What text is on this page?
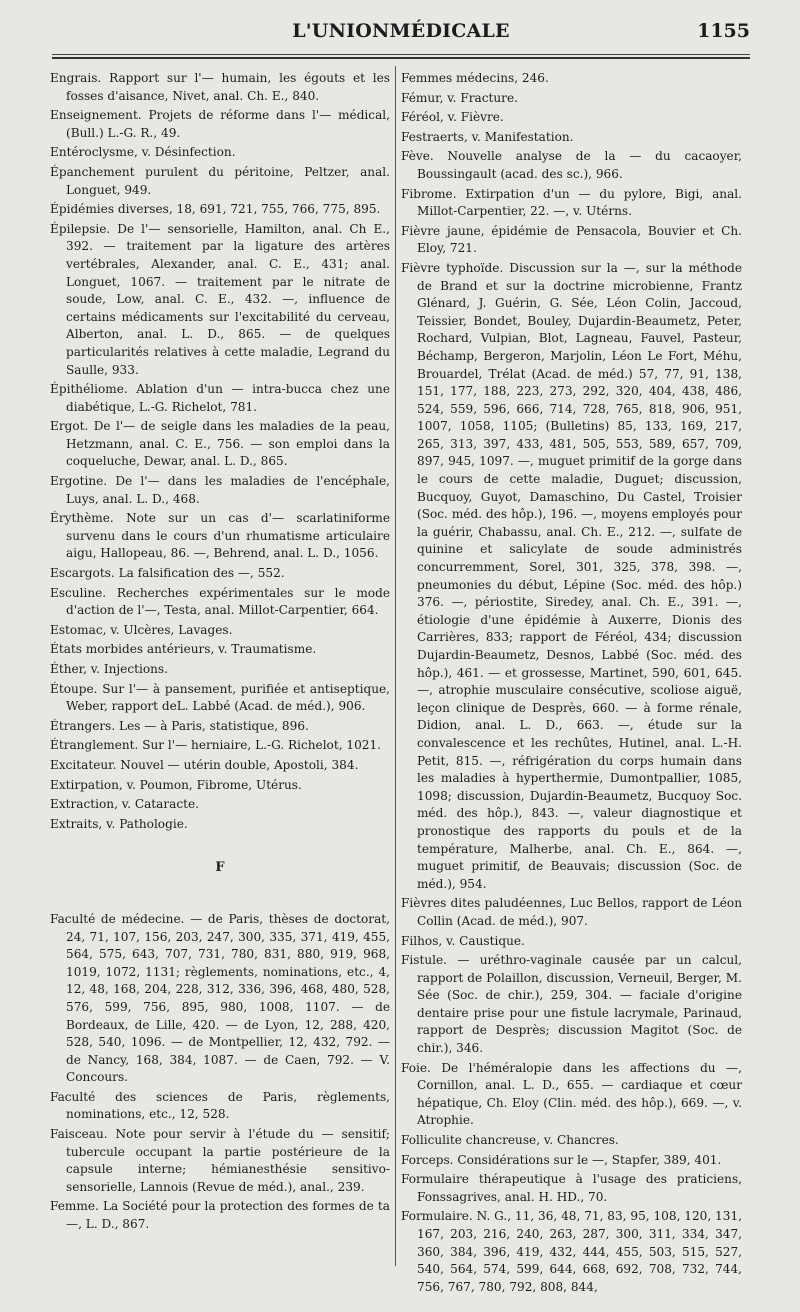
L'UNIONMÉDICALE	1155

Engrais. Rapport sur l'— humain, les égouts et les fosses d'aisance, Nivet, anal. Ch. E., 840.

Enseignement. Projets de réforme dans l'— médical, (Bull.) L.-G. R., 49.

Entéroclysme, v. Désinfection.

Épanchement purulent du péritoine, Peltzer, anal. Longuet, 949.

Épidémies diverses, 18, 691, 721, 755, 766, 775, 895.

Épilepsie. De l'— sensorielle, Hamilton, anal. Ch E., 392. — traitement par la ligature des artères vertébrales, Alexander, anal. C. E., 431; anal. Longuet, 1067. — traitement par le nitrate de soude, Low, anal. C. E., 432. —, influence de certains médicaments sur l'excitabilité du cerveau, Alberton, anal. L. D., 865. — de quelques particularités relatives à cette maladie, Legrand du Saulle, 933.

Épithéliome. Ablation d'un — intra-bucca chez une diabétique, L.-G. Richelot, 781.

Ergot. De l'— de seigle dans les maladies de la peau, Hetzmann, anal. C. E., 756. — son emploi dans la coqueluche, Dewar, anal. L. D., 865.

Ergotine. De l'— dans les maladies de l'encéphale, Luys, anal. L. D., 468.

Érythème. Note sur un cas d'— scarlatiniforme survenu dans le cours d'un rhumatisme articulaire aigu, Hallopeau, 86. —, Behrend, anal. L. D., 1056.

Escargots. La falsification des —, 552.

Esculine. Recherches expérimentales sur le mode d'action de l'—, Testa, anal. Millot-Carpentier, 664.

Estomac, v. Ulcères, Lavages.

États morbides antérieurs, v. Traumatisme.

Éther, v. Injections.

Étoupe. Sur l'— à pansement, purifiée et antiseptique, Weber, rapport deL. Labbé (Acad. de méd.), 906.

Étrangers. Les — à Paris, statistique, 896.

Étranglement. Sur l'— herniaire, L.-G. Richelot, 1021.

Excitateur. Nouvel — utérin double, Apostoli, 384.

Extirpation, v. Poumon, Fibrome, Utérus.

Extraction, v. Cataracte.

Extraits, v. Pathologie.

F

Faculté de médecine. — de Paris, thèses de doctorat, 24, 71, 107, 156, 203, 247, 300, 335, 371, 419, 455, 564, 575, 643, 707, 731, 780, 831, 880, 919, 968, 1019, 1072, 1131; règlements, nominations, etc., 4, 12, 48, 168, 204, 228, 312, 336, 396, 468, 480, 528, 576, 599, 756, 895, 980, 1008, 1107. — de Bordeaux, de Lille, 420. — de Lyon, 12, 288, 420, 528, 540, 1096. — de Montpellier, 12, 432, 792. — de Nancy, 168, 384, 1087. — de Caen, 792. — V. Concours.

Faculté des sciences de Paris, règlements, nominations, etc., 12, 528.

Faisceau. Note pour servir à l'étude du — sensitif; tubercule occupant la partie postérieure de la capsule interne; hémianesthésie sensitivo-sensorielle, Lannois (Revue de méd.), anal., 239.

Femme. La Société pour la protection des formes de ta —, L. D., 867.

Femmes médecins, 246.

Fémur, v. Fracture.

Féréol, v. Fièvre.

Festraerts, v. Manifestation.

Fève. Nouvelle analyse de la — du cacaoyer, Boussingault (acad. des sc.), 966.

Fibrome. Extirpation d'un — du pylore, Bigi, anal. Millot-Carpentier, 22. —, v. Utérns.

Fièvre jaune, épidémie de Pensacola, Bouvier et Ch. Eloy, 721.

Fièvre typhoïde. Discussion sur la —, sur la méthode de Brand et sur la doctrine microbienne, Frantz Glénard, J. Guérin, G. Sée, Léon Colin, Jaccoud, Teissier, Bondet, Bouley, Dujardin-Beaumetz, Peter, Rochard, Vulpian, Blot, Lagneau, Fauvel, Pasteur, Béchamp, Bergeron, Marjolin, Léon Le Fort, Méhu, Brouardel, Trélat (Acad. de méd.) 57, 77, 91, 138, 151, 177, 188, 223, 273, 292, 320, 404, 438, 486, 524, 559, 596, 666, 714, 728, 765, 818, 906, 951, 1007, 1058, 1105; (Bulletins) 85, 133, 169, 217, 265, 313, 397, 433, 481, 505, 553, 589, 657, 709, 897, 945, 1097. —, muguet primitif de la gorge dans le cours de cette maladie, Duguet; discussion, Bucquoy, Guyot, Damaschino, Du Castel, Troisier (Soc. méd. des hôp.), 196. —, moyens employés pour la guérir, Chabassu, anal. Ch. E., 212. —, sulfate de quinine et salicylate de soude administrés concurremment, Sorel, 301, 325, 378, 398. —, pneumonies du début, Lépine (Soc. méd. des hôp.) 376. —, périostite, Siredey, anal. Ch. E., 391. —, étiologie d'une épidémie à Auxerre, Dionis des Carrières, 833; rapport de Féréol, 434; discussion Dujardin-Beaumetz, Desnos, Labbé (Soc. méd. des hôp.), 461. — et grossesse, Martinet, 590, 601, 645. —, atrophie musculaire consécutive, scoliose aiguë, leçon clinique de Desprès, 660. — à forme rénale, Didion, anal. L. D., 663. —, étude sur la convalescence et les rechûtes, Hutinel, anal. L.-H. Petit, 815. —, réfrigération du corps humain dans les maladies à hyperthermie, Dumontpallier, 1085, 1098; discussion, Dujardin-Beaumetz, Bucquoy Soc. méd. des hôp.), 843. —, valeur diagnostique et pronostique des rapports du pouls et de la température, Malherbe, anal. Ch. E., 864. —, muguet primitif, de Beauvais; discussion (Soc. de méd.), 954.

Fièvres dites paludéennes, Luc Bellos, rapport de Léon Collin (Acad. de méd.), 907.

Filhos, v. Caustique.

Fistule. — uréthro-vaginale causée par un calcul, rapport de Polaillon, discussion, Verneuil, Berger, M. Sée (Soc. de chir.), 259, 304. — faciale d'origine dentaire prise pour une fistule lacrymale, Parinaud, rapport de Desprès; discussion Magitot (Soc. de chir.), 346.

Foie. De l'héméralopie dans les affections du —, Cornillon, anal. L. D., 655. — cardiaque et cœur hépatique, Ch. Eloy (Clin. méd. des hôp.), 669. —, v. Atrophie.

Folliculite chancreuse, v. Chancres.

Forceps. Considérations sur le —, Stapfer, 389, 401.

Formulaire thérapeutique à l'usage des praticiens, Fonssagrives, anal. H. HD., 70.

Formulaire. N. G., 11, 36, 48, 71, 83, 95, 108, 120, 131, 167, 203, 216, 240, 263, 287, 300, 311, 334, 347, 360, 384, 396, 419, 432, 444, 455, 503, 515, 527, 540, 564, 574, 599, 644, 668, 692, 708, 732, 744, 756, 767, 780, 792, 808, 844,
